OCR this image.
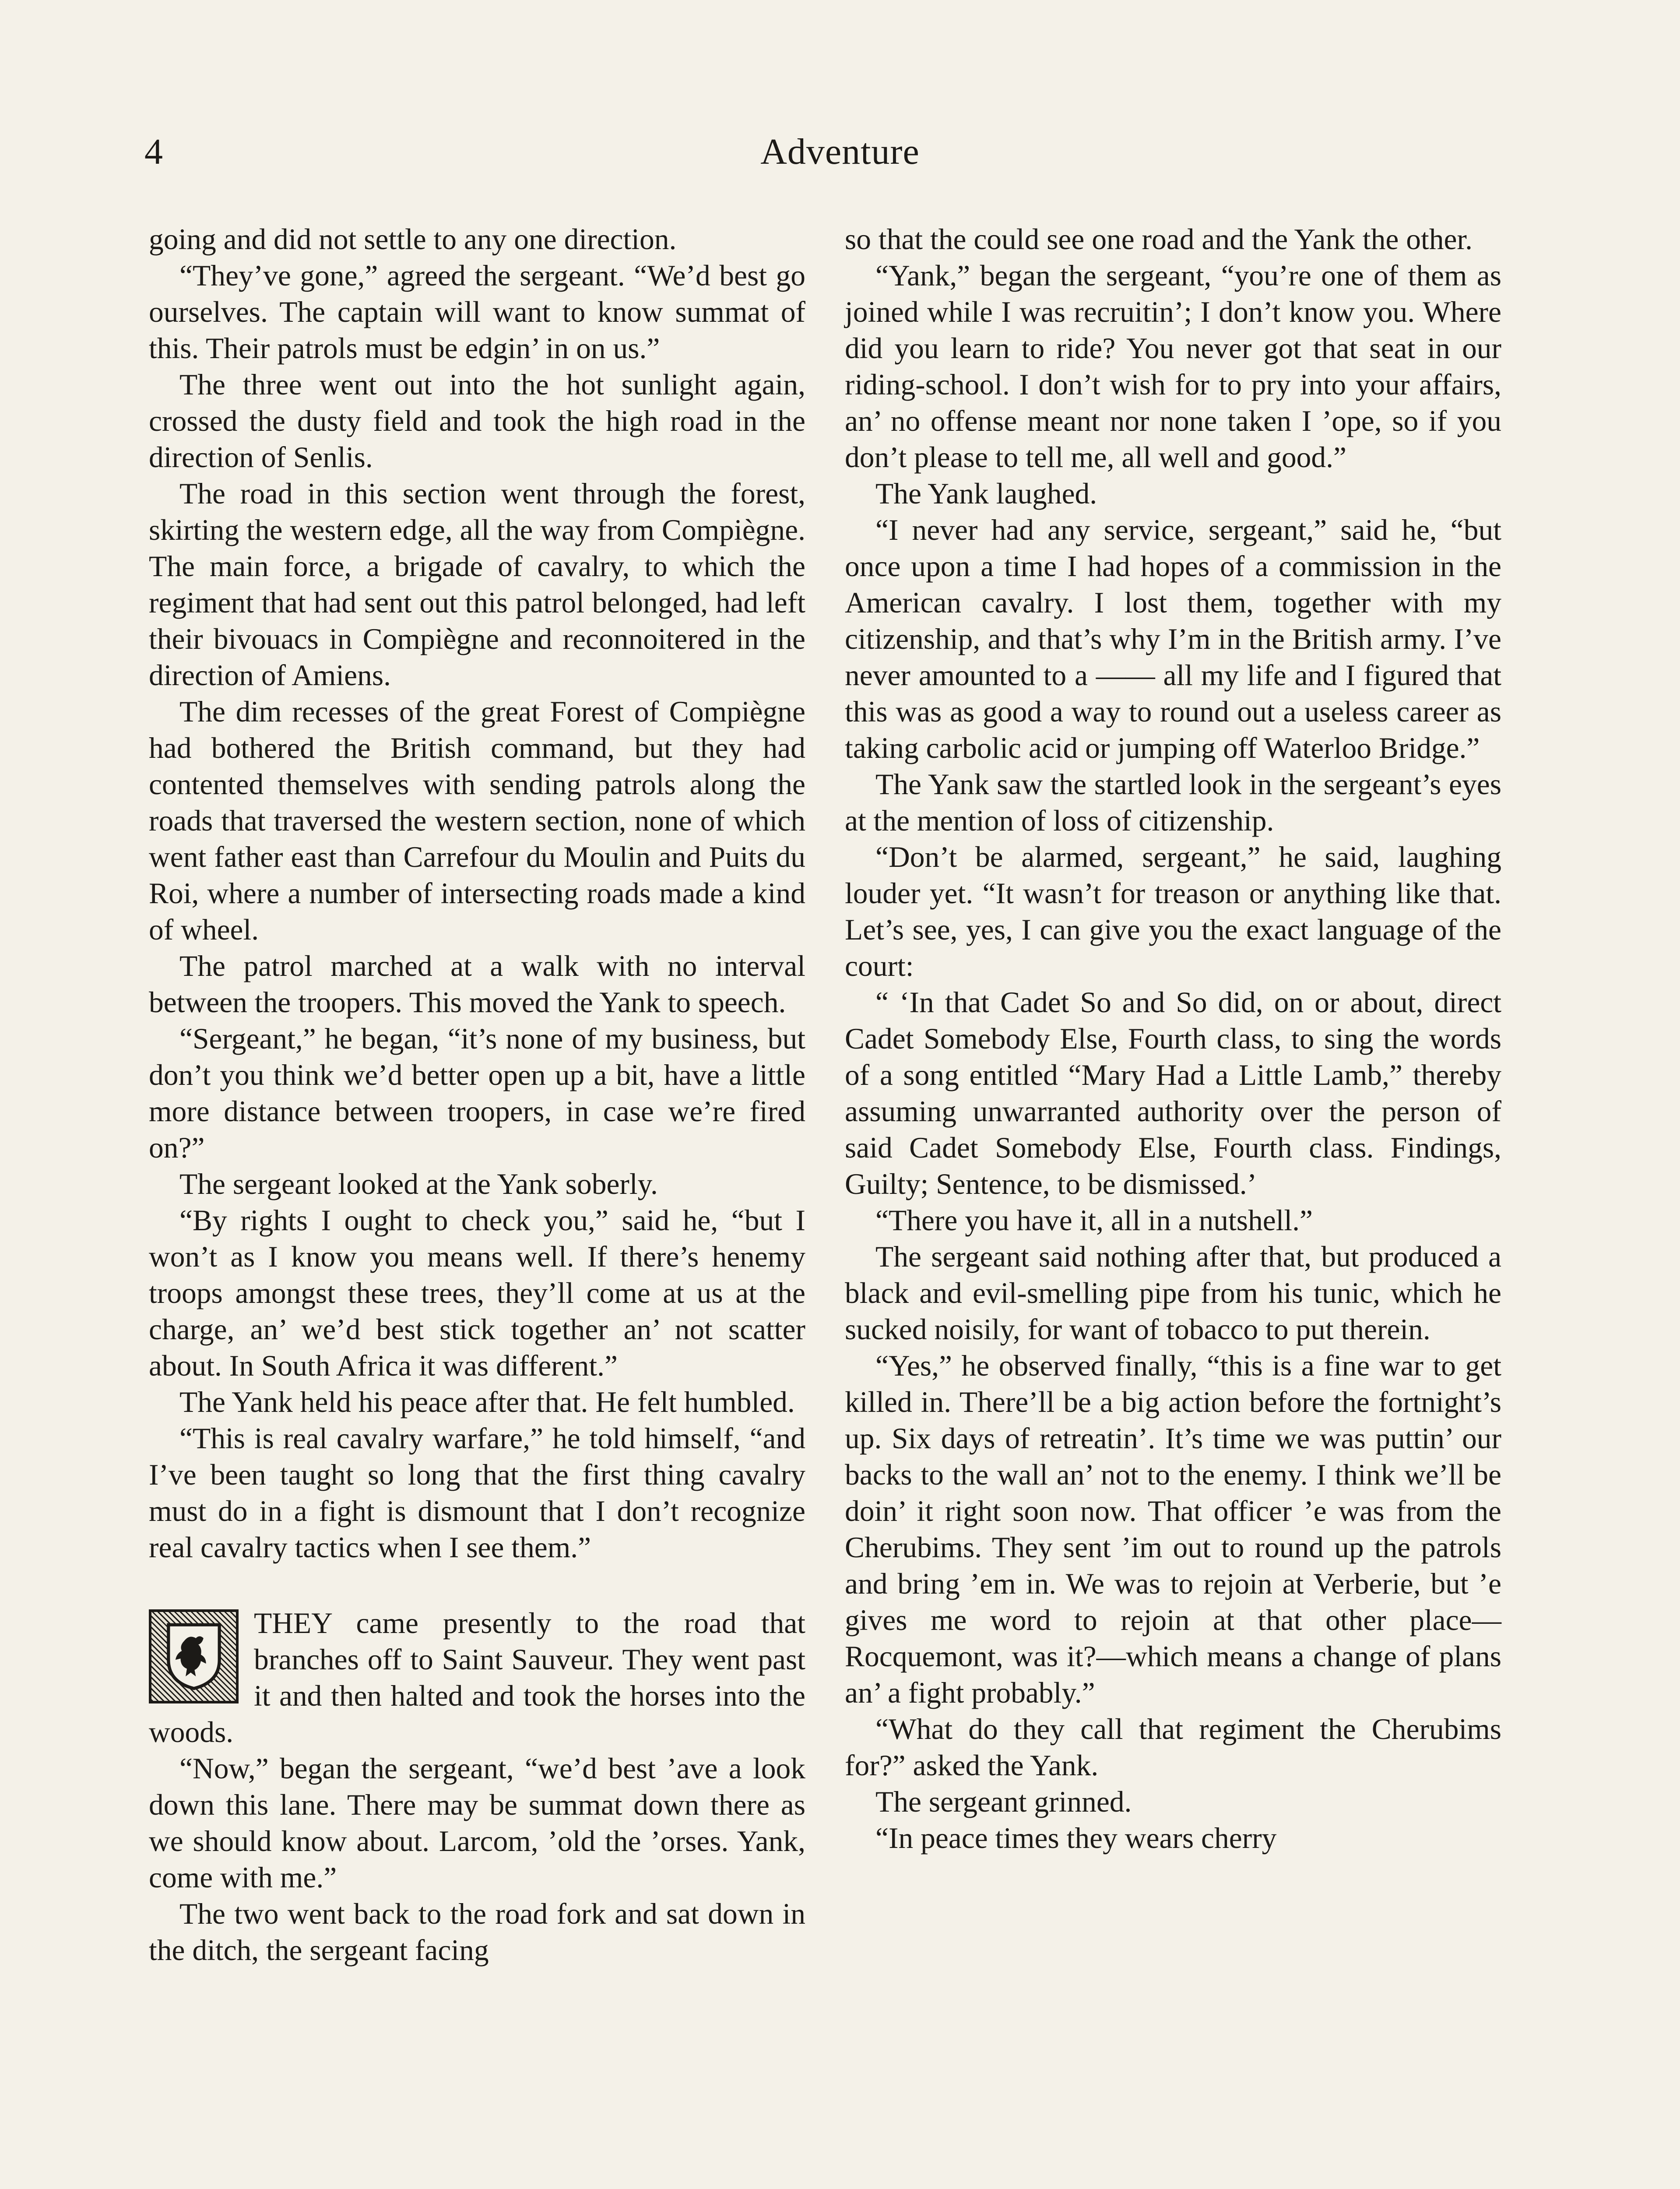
4	Adventure

going and did not settle to any one direction.

“They’ve gone,” agreed the sergeant. “We’d best go ourselves. The captain will want to know summat of this. Their patrols must be edgin’ in on us.”

The three went out into the hot sunlight again, crossed the dusty field and took the high road in the direction of Senlis.

The road in this section went through the forest, skirting the western edge, all the way from Compiègne. The main force, a brigade of cavalry, to which the regiment that had sent out this patrol belonged, had left their bivouacs in Compiègne and reconnoitered in the direction of Amiens.

The dim recesses of the great Forest of Compiègne had bothered the British command, but they had contented themselves with sending patrols along the roads that traversed the western section, none of which went father east than Carrefour du Moulin and Puits du Roi, where a number of intersecting roads made a kind of wheel.

The patrol marched at a walk with no interval between the troopers. This moved the Yank to speech.

“Sergeant,” he began, “it’s none of my business, but don’t you think we’d better open up a bit, have a little more distance between troopers, in case we’re fired on?”

The sergeant looked at the Yank soberly.

“By rights I ought to check you,” said he, “but I won’t as I know you means well. If there’s henemy troops amongst these trees, they’ll come at us at the charge, an’ we’d best stick together an’ not scatter about. In South Africa it was different.”

The Yank held his peace after that. He felt humbled.

“This is real cavalry warfare,” he told himself, “and I’ve been taught so long that the first thing cavalry must do in a fight is dismount that I don’t recognize real cavalry tactics when I see them.”

THEY came presently to the road that branches off to Saint Sauveur. They went past it and then halted and took the horses into the woods.

“Now,” began the sergeant, “we’d best ’ave a look down this lane. There may be summat down there as we should know about. Larcom, ’old the ’orses. Yank, come with me.”

The two went back to the road fork and sat down in the ditch, the sergeant facing

so that the could see one road and the Yank the other.

“Yank,” began the sergeant, “you’re one of them as joined while I was recruitin’; I don’t know you. Where did you learn to ride? You never got that seat in our riding-school. I don’t wish for to pry into your affairs, an’ no offense meant nor none taken I ’ope, so if you don’t please to tell me, all well and good.”

The Yank laughed.

“I never had any service, sergeant,” said he, “but once upon a time I had hopes of a commission in the American cavalry. I lost them, together with my citizenship, and that’s why I’m in the British army. I’ve never amounted to a —— all my life and I figured that this was as good a way to round out a useless career as taking carbolic acid or jumping off Waterloo Bridge.”

The Yank saw the startled look in the sergeant’s eyes at the mention of loss of citizenship.

“Don’t be alarmed, sergeant,” he said, laughing louder yet. “It wasn’t for treason or anything like that. Let’s see, yes, I can give you the exact language of the court:

“ ‘In that Cadet So and So did, on or about, direct Cadet Somebody Else, Fourth class, to sing the words of a song entitled “Mary Had a Little Lamb,” thereby assuming unwarranted authority over the person of said Cadet Somebody Else, Fourth class. Findings, Guilty; Sentence, to be dismissed.’

“There you have it, all in a nutshell.”

The sergeant said nothing after that, but produced a black and evil-smelling pipe from his tunic, which he sucked noisily, for want of tobacco to put therein.

“Yes,” he observed finally, “this is a fine war to get killed in. There’ll be a big action before the fortnight’s up. Six days of retreatin’. It’s time we was puttin’ our backs to the wall an’ not to the enemy. I think we’ll be doin’ it right soon now. That officer ’e was from the Cherubims. They sent ’im out to round up the patrols and bring ’em in. We was to rejoin at Verberie, but ’e gives me word to rejoin at that other place—Rocquemont, was it?—which means a change of plans an’ a fight probably.”

“What do they call that regiment the Cherubims for?” asked the Yank.

The sergeant grinned.

“In peace times they wears cherry
